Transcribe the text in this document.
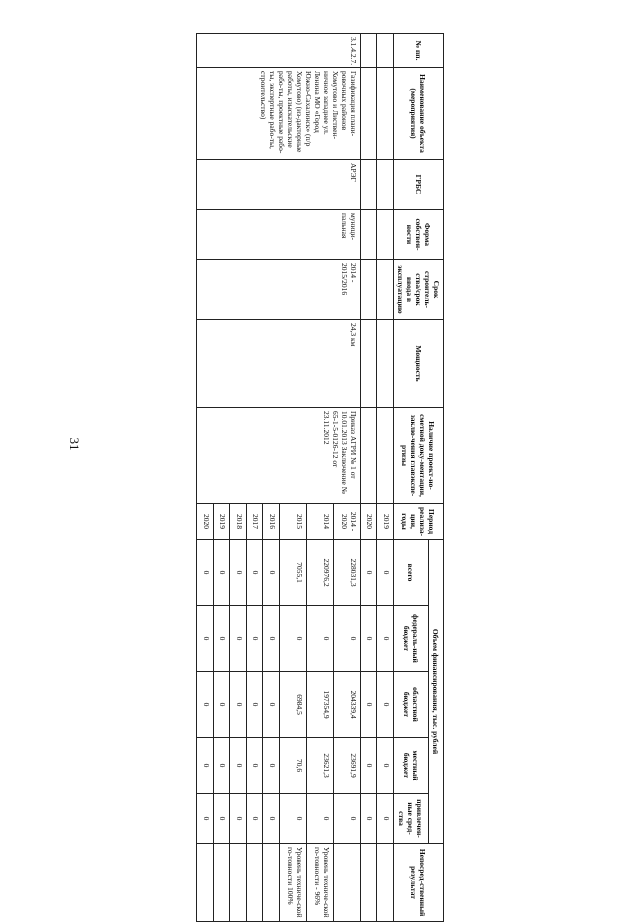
31
№ пп.	Наименование объекта (мероприятия)	ГРБС	Форма собствен-ности	Срок строитель-ства/срок ввода в эксплуатацию	Мощность	Наличие проект-но-сметной доку-ментации, заклю-чения главэкспе-ртизы	Период реализа-ции, годы	Объем финансирования, тыс. рублей					Непосред-ственный результат
								всего	федераль-ный бюджет	областной бюджет	местный бюджет	привлечен-ные сред-ства	
							2019	0	0	0	0	0	
							2020	0	0	0	0	0	
3.1.4.2.7.	Газификация плани-ровочных районов Хомутово и Листвен-ничное западнее ул. Ленина МО «Город Южно-Сахалинск» (п/р Хомутово) (из-дакторные работы, изыскательские рабо-ты, проектные рабо-ты, экспертные рабо-ты, строительство)	АРЭГ	муници-пальная	2014 - 2015/2016	24,3 км	Приказ АГРИ № 1 от 10.01.2013 Заключение № 65-1-5-0126-12 от 23.11.2012	2014 - 2020	228031,3	0	204339,4	23691,9	0	
							2014	220976,2	0	197354,9	23621,3	0	Уровень техниче-ской го-товности - 96%
							2015	7055,1	0	6984,5	70,6	0	Уровень техниче-ской го-товности 100%
							2016	0	0	0	0	0	
							2017	0	0	0	0	0	
							2018	0	0	0	0	0	
							2019	0	0	0	0	0	
							2020	0	0	0	0	0	
